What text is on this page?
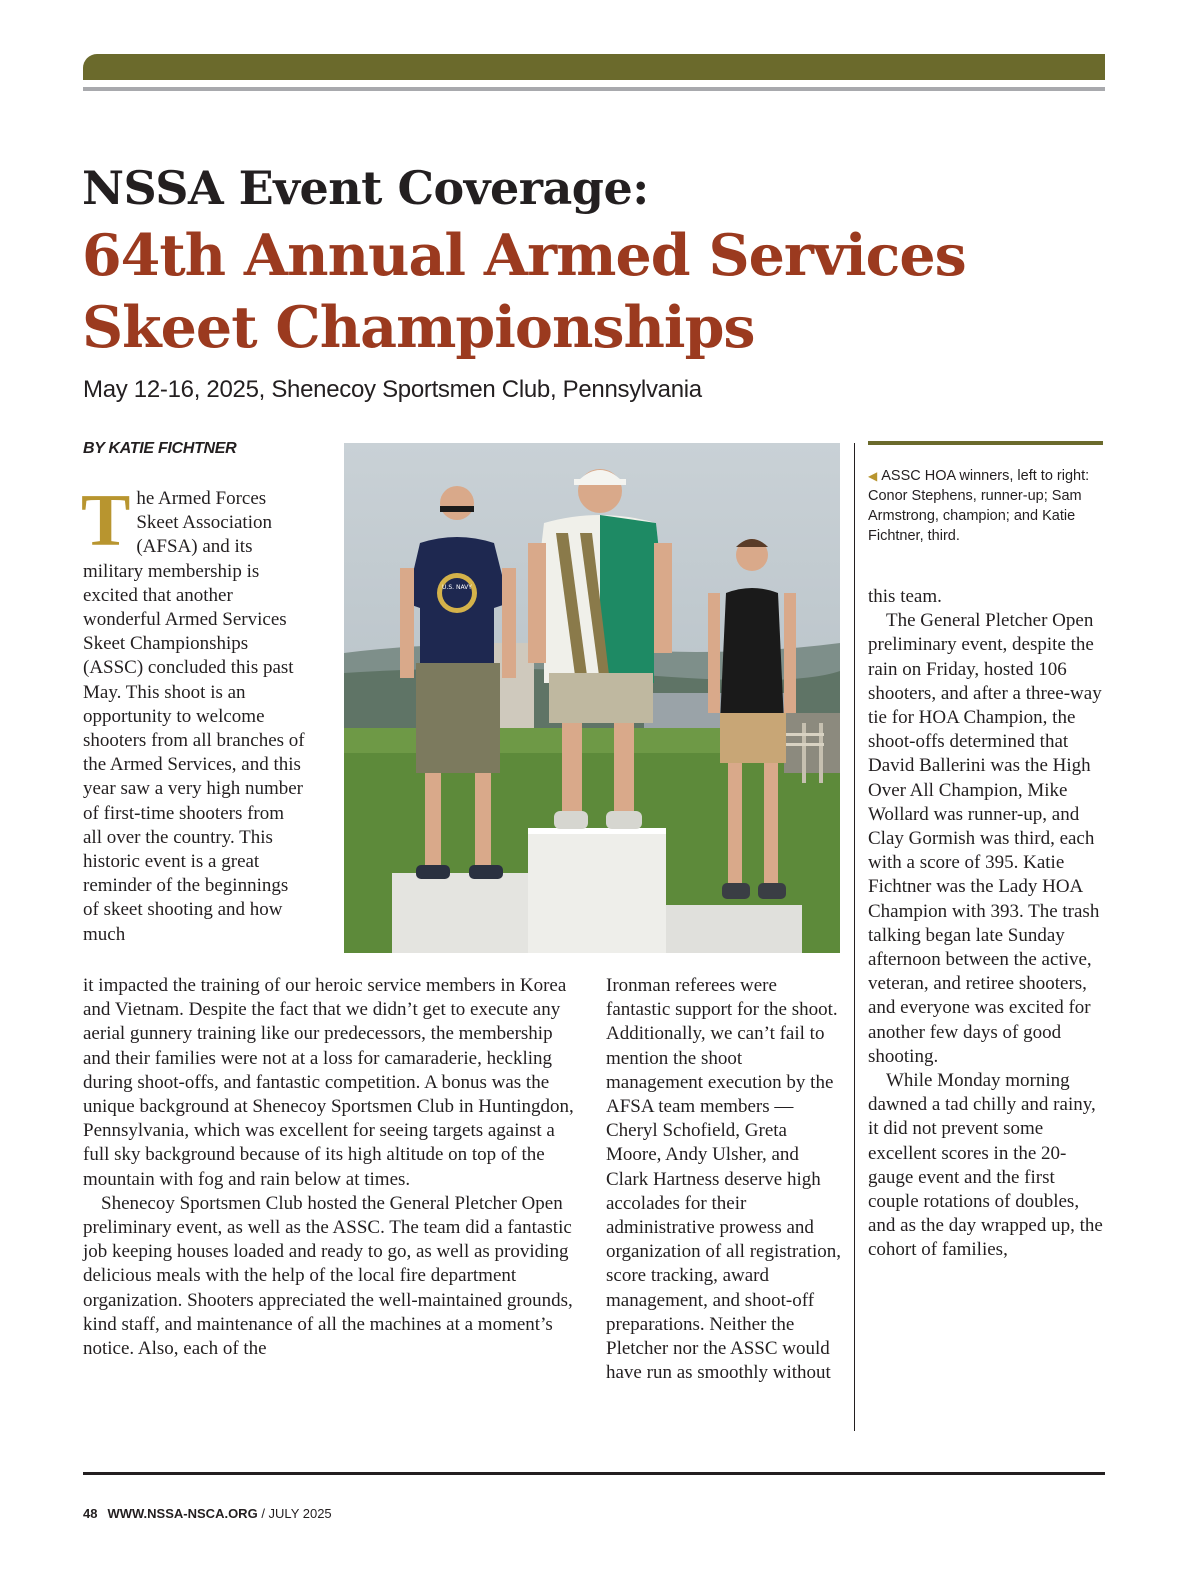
NSSA Event Coverage:
64th Annual Armed Services Skeet Championships
May 12-16, 2025, Shenecoy Sportsmen Club, Pennsylvania
BY KATIE FICHTNER
The Armed Forces Skeet Association (AFSA) and its military membership is excited that another wonderful Armed Services Skeet Championships (ASSC) concluded this past May. This shoot is an opportunity to welcome shooters from all branches of the Armed Services, and this year saw a very high number of first-time shooters from all over the country. This historic event is a great reminder of the beginnings of skeet shooting and how much

it impacted the training of our heroic service members in Korea and Vietnam. Despite the fact that we didn’t get to execute any aerial gunnery training like our predecessors, the membership and their families were not at a loss for camaraderie, heckling during shoot-offs, and fantastic competition. A bonus was the unique background at Shenecoy Sportsmen Club in Huntingdon, Pennsylvania, which was excellent for seeing targets against a full sky background because of its high altitude on top of the mountain with fog and rain below at times.

Shenecoy Sportsmen Club hosted the General Pletcher Open preliminary event, as well as the ASSC. The team did a fantastic job keeping houses loaded and ready to go, as well as providing delicious meals with the help of the local fire department organization. Shooters appreciated the well-maintained grounds, kind staff, and maintenance of all the machines at a moment’s notice. Also, each of the

Ironman referees were fantastic support for the shoot. Additionally, we can’t fail to mention the shoot management execution by the AFSA team members — Cheryl Schofield, Greta Moore, Andy Ulsher, and Clark Hartness deserve high accolades for their administrative prowess and organization of all registration, score tracking, award management, and shoot-off preparations. Neither the Pletcher nor the ASSC would have run as smoothly without

U.S. NAVY
◀ ASSC HOA winners, left to right: Conor Stephens, runner-up; Sam Armstrong, champion; and Katie Fichtner, third.

this team.

The General Pletcher Open preliminary event, despite the rain on Friday, hosted 106 shooters, and after a three-way tie for HOA Champion, the shoot-offs determined that David Ballerini was the High Over All Champion, Mike Wollard was runner-up, and Clay Gormish was third, each with a score of 395. Katie Fichtner was the Lady HOA Champion with 393. The trash talking began late Sunday afternoon between the active, veteran, and retiree shooters, and everyone was excited for another few days of good shooting.

While Monday morning dawned a tad chilly and rainy, it did not prevent some excellent scores in the 20-gauge event and the first couple rotations of doubles, and as the day wrapped up, the cohort of families,

48 WWW.NSSA-NSCA.ORG / JULY 2025
